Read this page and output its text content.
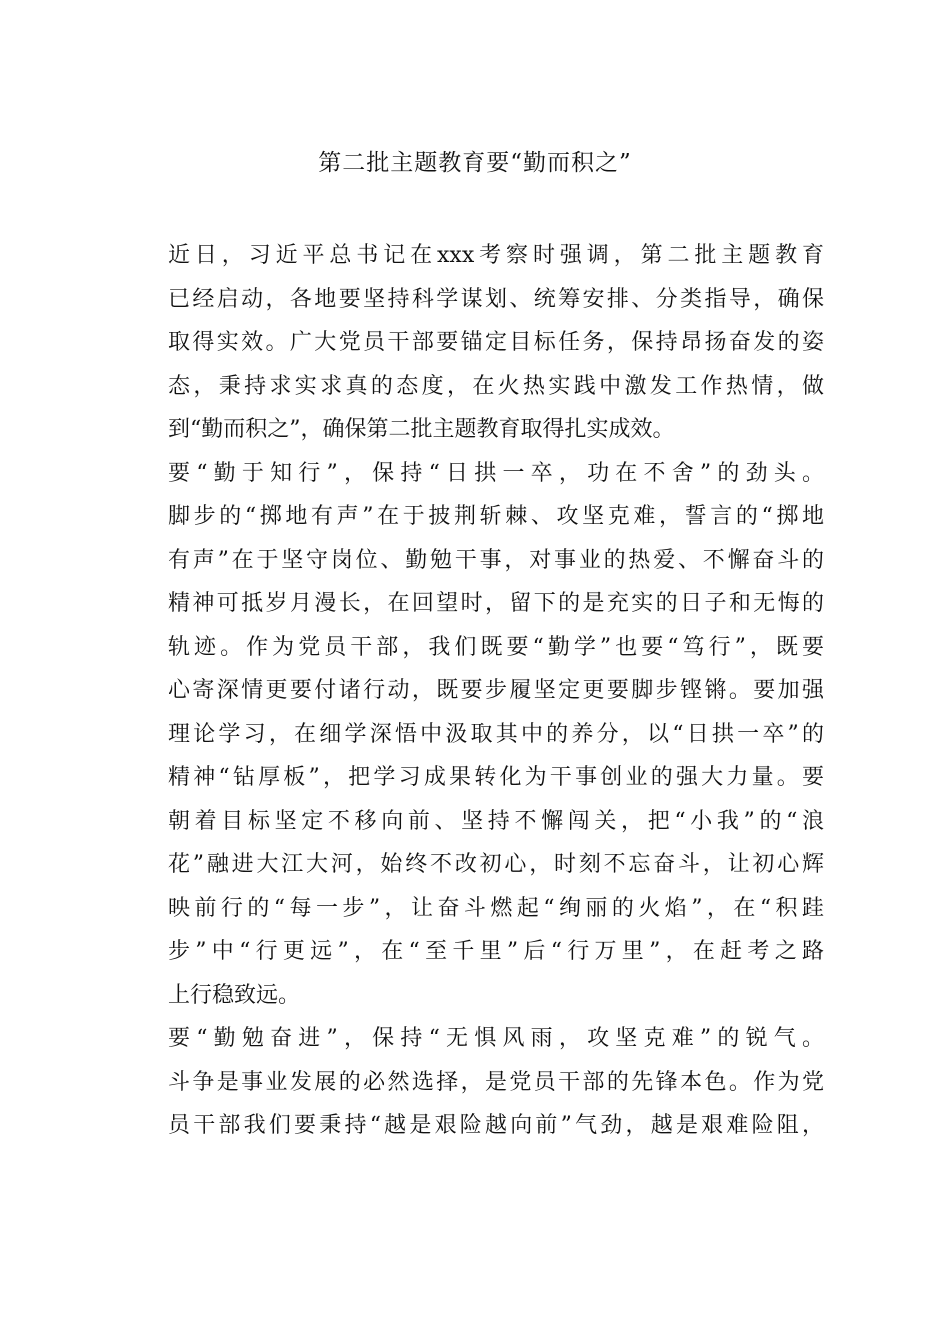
第二批主题教育要“勤而积之”

近日，习近平总书记在xxx考察时强调，第二批主题教育
已经启动，各地要坚持科学谋划、统筹安排、分类指导，确保
取得实效。广大党员干部要锚定目标任务，保持昂扬奋发的姿
态，秉持求实求真的态度，在火热实践中激发工作热情，做
到“勤而积之”，确保第二批主题教育取得扎实成效。

要“勤于知行”，保持“日拱一卒，功在不舍”的劲头。
脚步的“掷地有声”在于披荆斩棘、攻坚克难，誓言的“掷地
有声”在于坚守岗位、勤勉干事，对事业的热爱、不懈奋斗的
精神可抵岁月漫长，在回望时，留下的是充实的日子和无悔的
轨迹。作为党员干部，我们既要“勤学”也要“笃行”，既要
心寄深情更要付诸行动，既要步履坚定更要脚步铿锵。要加强
理论学习，在细学深悟中汲取其中的养分，以“日拱一卒”的
精神“钻厚板”，把学习成果转化为干事创业的强大力量。要
朝着目标坚定不移向前、坚持不懈闯关，把“小我”的“浪
花”融进大江大河，始终不改初心，时刻不忘奋斗，让初心辉
映前行的“每一步”，让奋斗燃起“绚丽的火焰”，在“积跬
步”中“行更远”，在“至千里”后“行万里”，在赶考之路
上行稳致远。

要“勤勉奋进”，保持“无惧风雨，攻坚克难”的锐气。
斗争是事业发展的必然选择，是党员干部的先锋本色。作为党
员干部我们要秉持“越是艰险越向前”气劲，越是艰难险阻，
